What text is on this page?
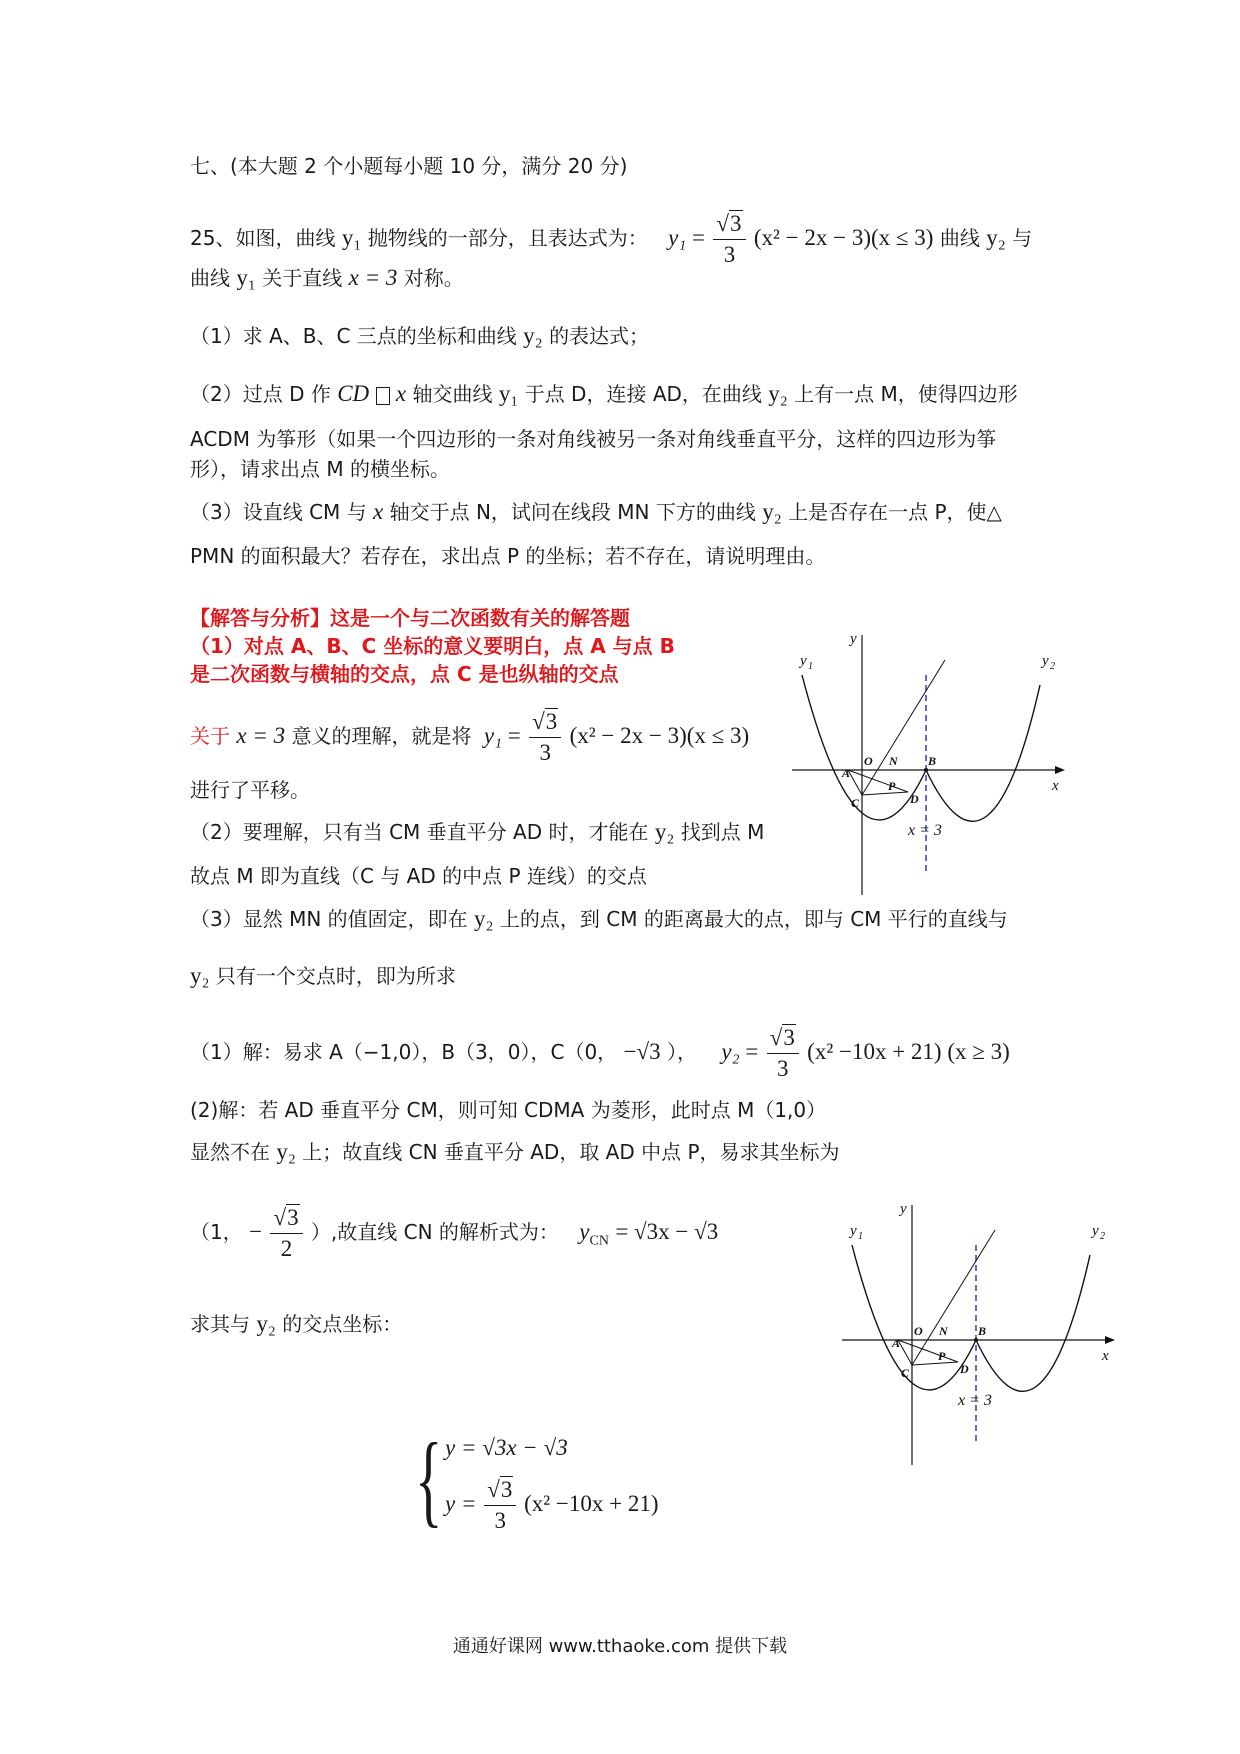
七、(本大题 2 个小题每小题 10 分，满分 20 分)
25、如图，曲线 y₁ 抛物线的一部分，且表达式为： $y_1 = \frac{√3}{3} (x^2 - 2x - 3)(x \le 3)$ 曲线 y₂ 与
曲线 y₁ 关于直线 x = 3 对称。
（1）求 A、B、C 三点的坐标和曲线 y₂ 的表达式；
（2）过点 D 作 CD x 轴交曲线 y₁ 于点 D，连接 AD，在曲线 y₂ 上有一点 M，使得四边形
ACDM 为筝形（如果一个四边形的一条对角线被另一条对角线垂直平分，这样的四边形为筝
形），请求出点 M 的横坐标。
（3）设直线 CM 与 x 轴交于点 N，试问在线段 MN 下方的曲线 y₂ 上是否存在一点 P，使△
PMN 的面积最大？若存在，求出点 P 的坐标；若不存在，请说明理由。
【解答与分析】这是一个与二次函数有关的解答题
（1）对点 A、B、C 坐标的意义要明白，点 A 与点 B
是二次函数与横轴的交点，点 C 是也纵轴的交点
关于 x = 3 意义的理解，就是将 $y_1 = \frac{√3}{3} (x^2 - 2x - 3)(x \le 3)$
进行了平移。
（2）要理解，只有当 CM 垂直平分 AD 时，才能在 y₂ 找到点 M
故点 M 即为直线（C 与 AD 的中点 P 连线）的交点
（3）显然 MN 的值固定，即在 y₂ 上的点，到 CM 的距离最大的点，即与 CM 平行的直线与
y₂ 只有一个交点时，即为所求
（1）解：易求 A（−1,0），B（3，0），C（0， −√3 ）， $y_2 = \frac{√3}{3} (x^2 -10x + 21) (x \ge 3)$
(2)解：若 AD 垂直平分 CM，则可知 CDMA 为菱形，此时点 M（1,0）
显然不在 y₂ 上；故直线 CN 垂直平分 AD，取 AD 中点 P，易求其坐标为
（1， − $\frac{√3}{2}$ ）,故直线 CN 的解析式为： $y_{CN} = √3x - √3$
求其与 y₂ 的交点坐标：
{ y = √3x − √3
$y = \frac{√3}{3} (x^2 -10x + 21)$
y
x
y 1	y 2
O N
A
B
C	D
P
x = 3
y
x
y 1	y 2
O N
A
B
C	D
P
x = 3
通通好课网 www.tthaoke.com 提供下载
